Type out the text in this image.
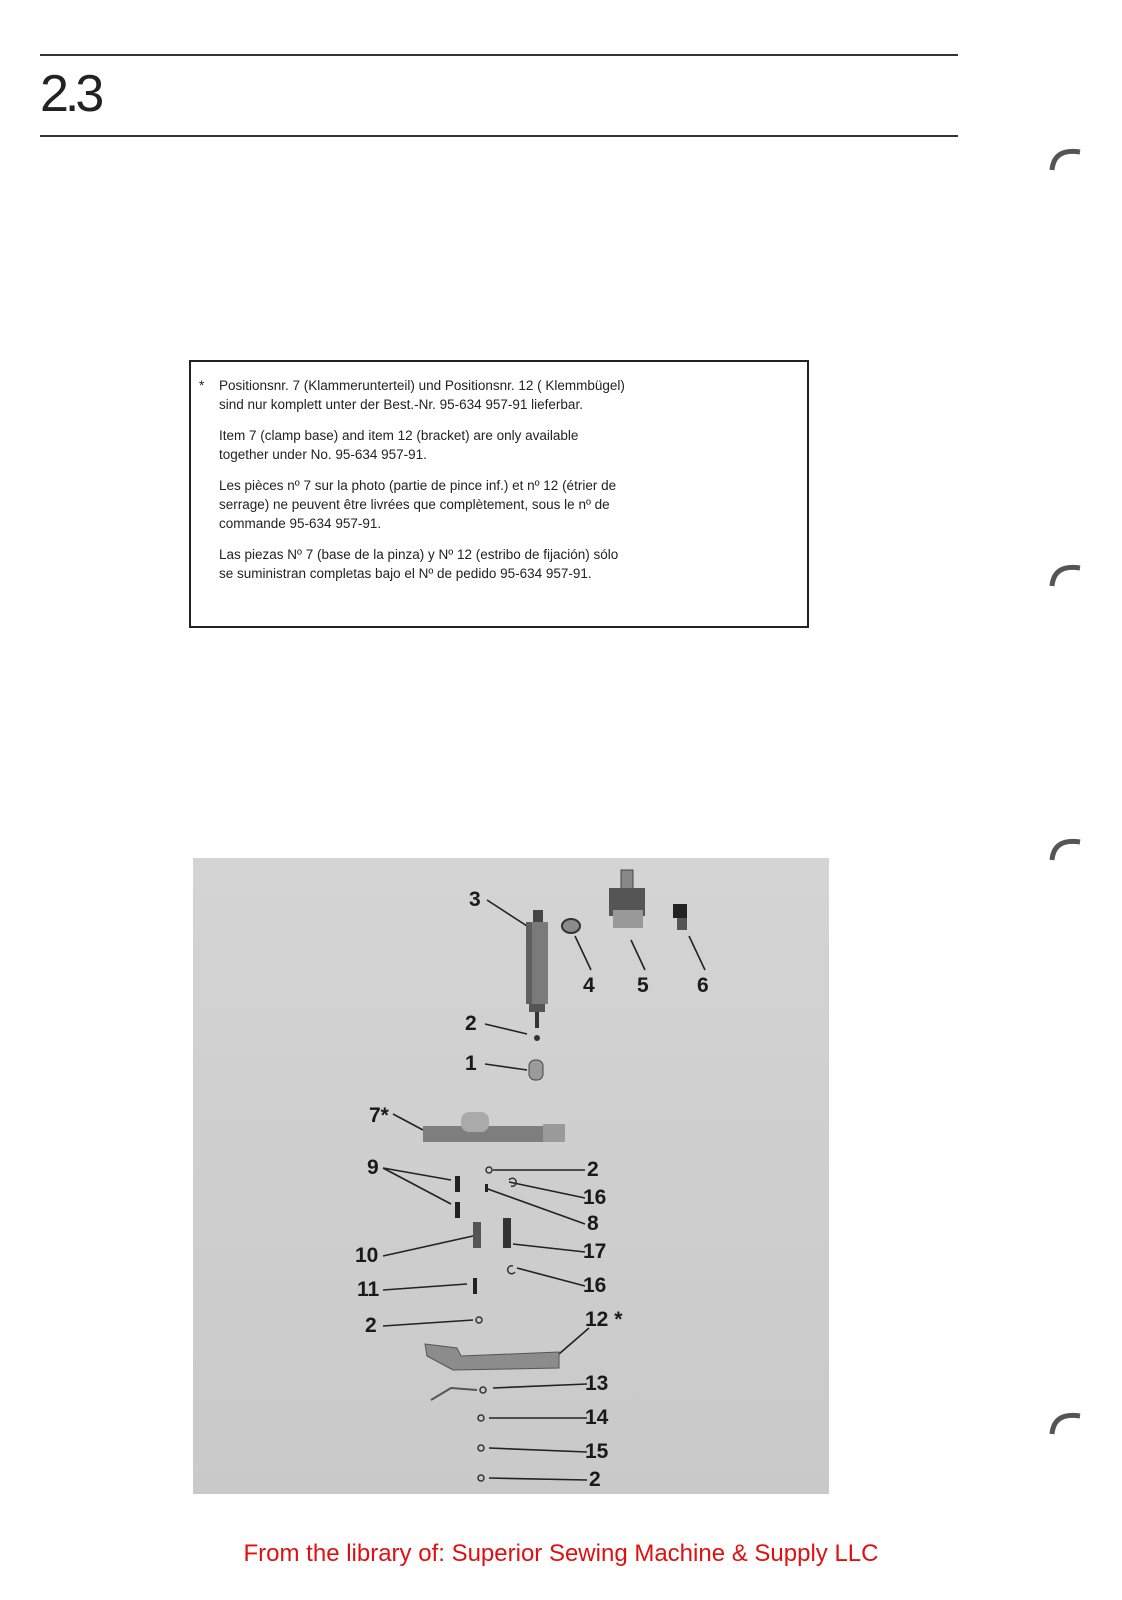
2.3

* Positionsnr. 7 (Klammerunterteil) und Positionsnr. 12 ( Klemmbügel)
sind nur komplett unter der Best.-Nr. 95-634 957-91 lieferbar.

Item 7 (clamp base) and item 12 (bracket) are only available
together under No. 95-634 957-91.

Les pièces nº 7 sur la photo (partie de pince inf.) et nº 12 (étrier de
serrage) ne peuvent être livrées que complètement, sous le nº de
commande 95-634 957-91.

Las piezas Nº 7 (base de la pinza) y Nº 12 (estribo de fijación) sólo
se suministran completas bajo el Nº de pedido 95-634 957-91.

3
4 5 6
2
1
7*
9	2
16
8
10	17
11	16
2	12 *
13
14
15
2
From the library of: Superior Sewing Machine & Supply LLC
